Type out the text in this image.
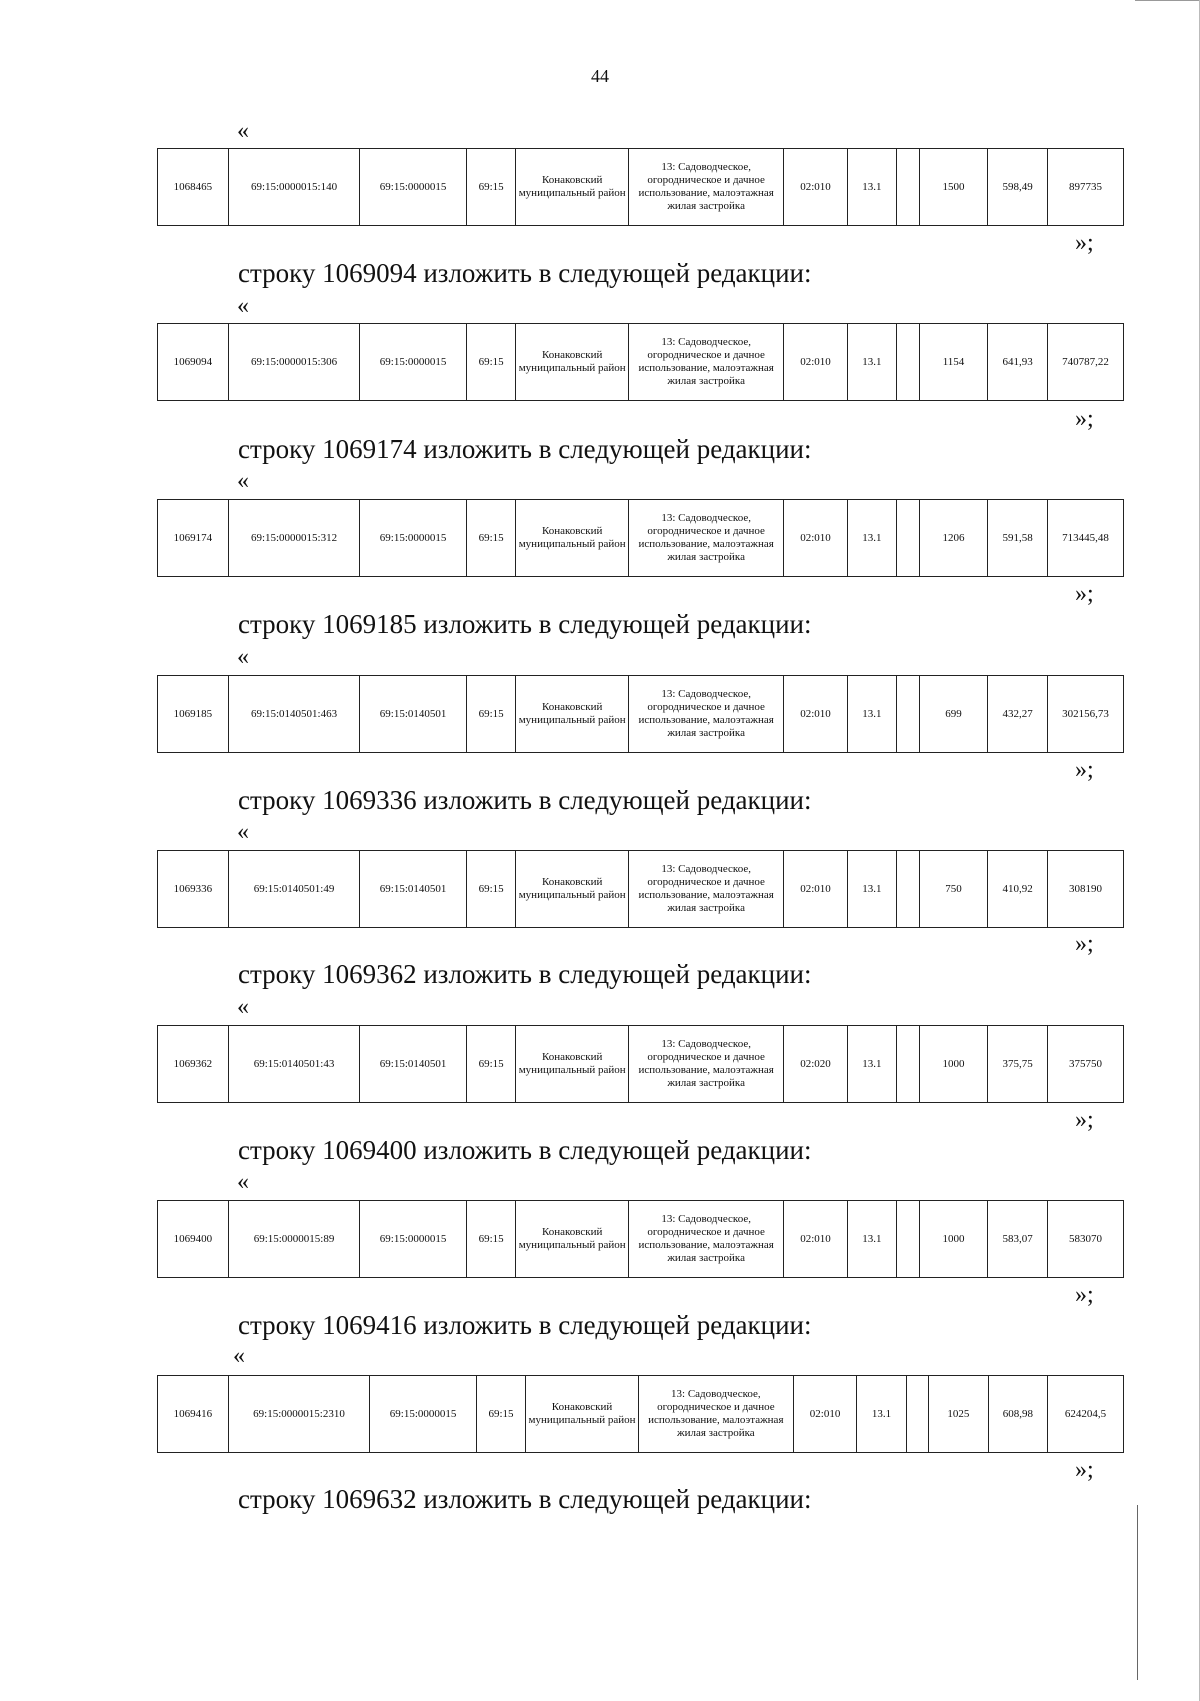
44
«
1068465	69:15:0000015:140	69:15:0000015	69:15	Конаковский муниципальный район	13: Садоводческое, огородническое и дачное использование, малоэтажная жилая застройка	02:010	13.1		1500	598,49	897735
»;
строку 1069094 изложить в следующей редакции:
«
1069094	69:15:0000015:306	69:15:0000015	69:15	Конаковский муниципальный район	13: Садоводческое, огородническое и дачное использование, малоэтажная жилая застройка	02:010	13.1		1154	641,93	740787,22
»;
строку 1069174 изложить в следующей редакции:
«
1069174	69:15:0000015:312	69:15:0000015	69:15	Конаковский муниципальный район	13: Садоводческое, огородническое и дачное использование, малоэтажная жилая застройка	02:010	13.1		1206	591,58	713445,48
»;
строку 1069185 изложить в следующей редакции:
«
1069185	69:15:0140501:463	69:15:0140501	69:15	Конаковский муниципальный район	13: Садоводческое, огородническое и дачное использование, малоэтажная жилая застройка	02:010	13.1		699	432,27	302156,73
»;
строку 1069336 изложить в следующей редакции:
«
1069336	69:15:0140501:49	69:15:0140501	69:15	Конаковский муниципальный район	13: Садоводческое, огородническое и дачное использование, малоэтажная жилая застройка	02:010	13.1		750	410,92	308190
»;
строку 1069362 изложить в следующей редакции:
«
1069362	69:15:0140501:43	69:15:0140501	69:15	Конаковский муниципальный район	13: Садоводческое, огородническое и дачное использование, малоэтажная жилая застройка	02:020	13.1		1000	375,75	375750
»;
строку 1069400 изложить в следующей редакции:
«
1069400	69:15:0000015:89	69:15:0000015	69:15	Конаковский муниципальный район	13: Садоводческое, огородническое и дачное использование, малоэтажная жилая застройка	02:010	13.1		1000	583,07	583070
»;
строку 1069416 изложить в следующей редакции:
«
1069416	69:15:0000015:2310	69:15:0000015	69:15	Конаковский муниципальный район	13: Садоводческое, огородническое и дачное использование, малоэтажная жилая застройка	02:010	13.1		1025	608,98	624204,5
»;
строку 1069632 изложить в следующей редакции:
